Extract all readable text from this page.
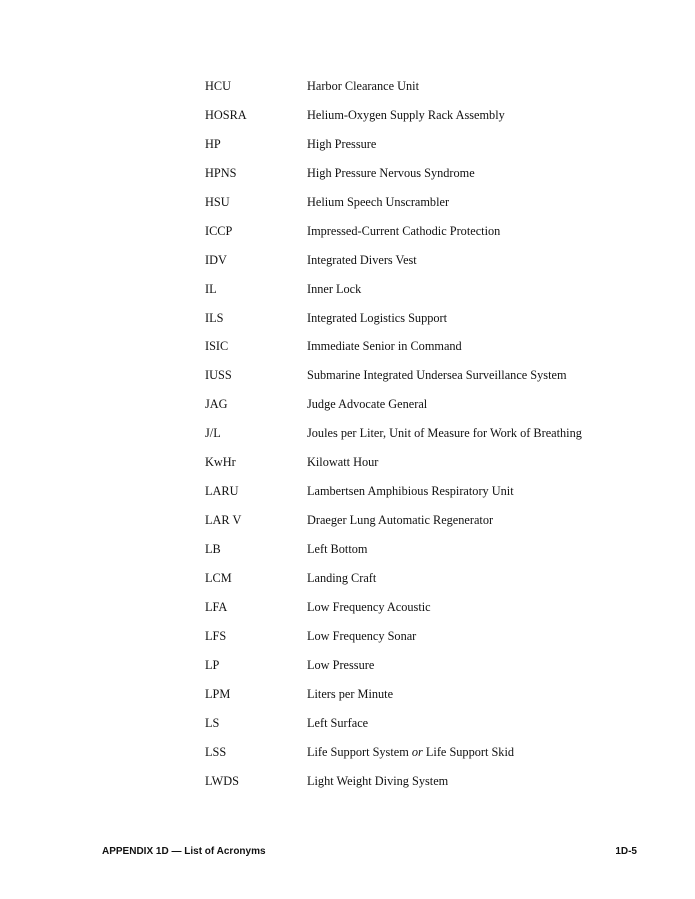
HCU	Harbor Clearance Unit
HOSRA	Helium-Oxygen Supply Rack Assembly
HP	High Pressure
HPNS	High Pressure Nervous Syndrome
HSU	Helium Speech Unscrambler
ICCP	Impressed-Current Cathodic Protection
IDV	Integrated Divers Vest
IL	Inner Lock
ILS	Integrated Logistics Support
ISIC	Immediate Senior in Command
IUSS	Submarine Integrated Undersea Surveillance System
JAG	Judge Advocate General
J/L	Joules per Liter, Unit of Measure for Work of Breathing
KwHr	Kilowatt Hour
LARU	Lambertsen Amphibious Respiratory Unit
LAR V	Draeger Lung Automatic Regenerator
LB	Left Bottom
LCM	Landing Craft
LFA	Low Frequency Acoustic
LFS	Low Frequency Sonar
LP	Low Pressure
LPM	Liters per Minute
LS	Left Surface
LSS	Life Support System or Life Support Skid
LWDS	Light Weight Diving System
APPENDIX 1D — List of Acronyms	1D-5
